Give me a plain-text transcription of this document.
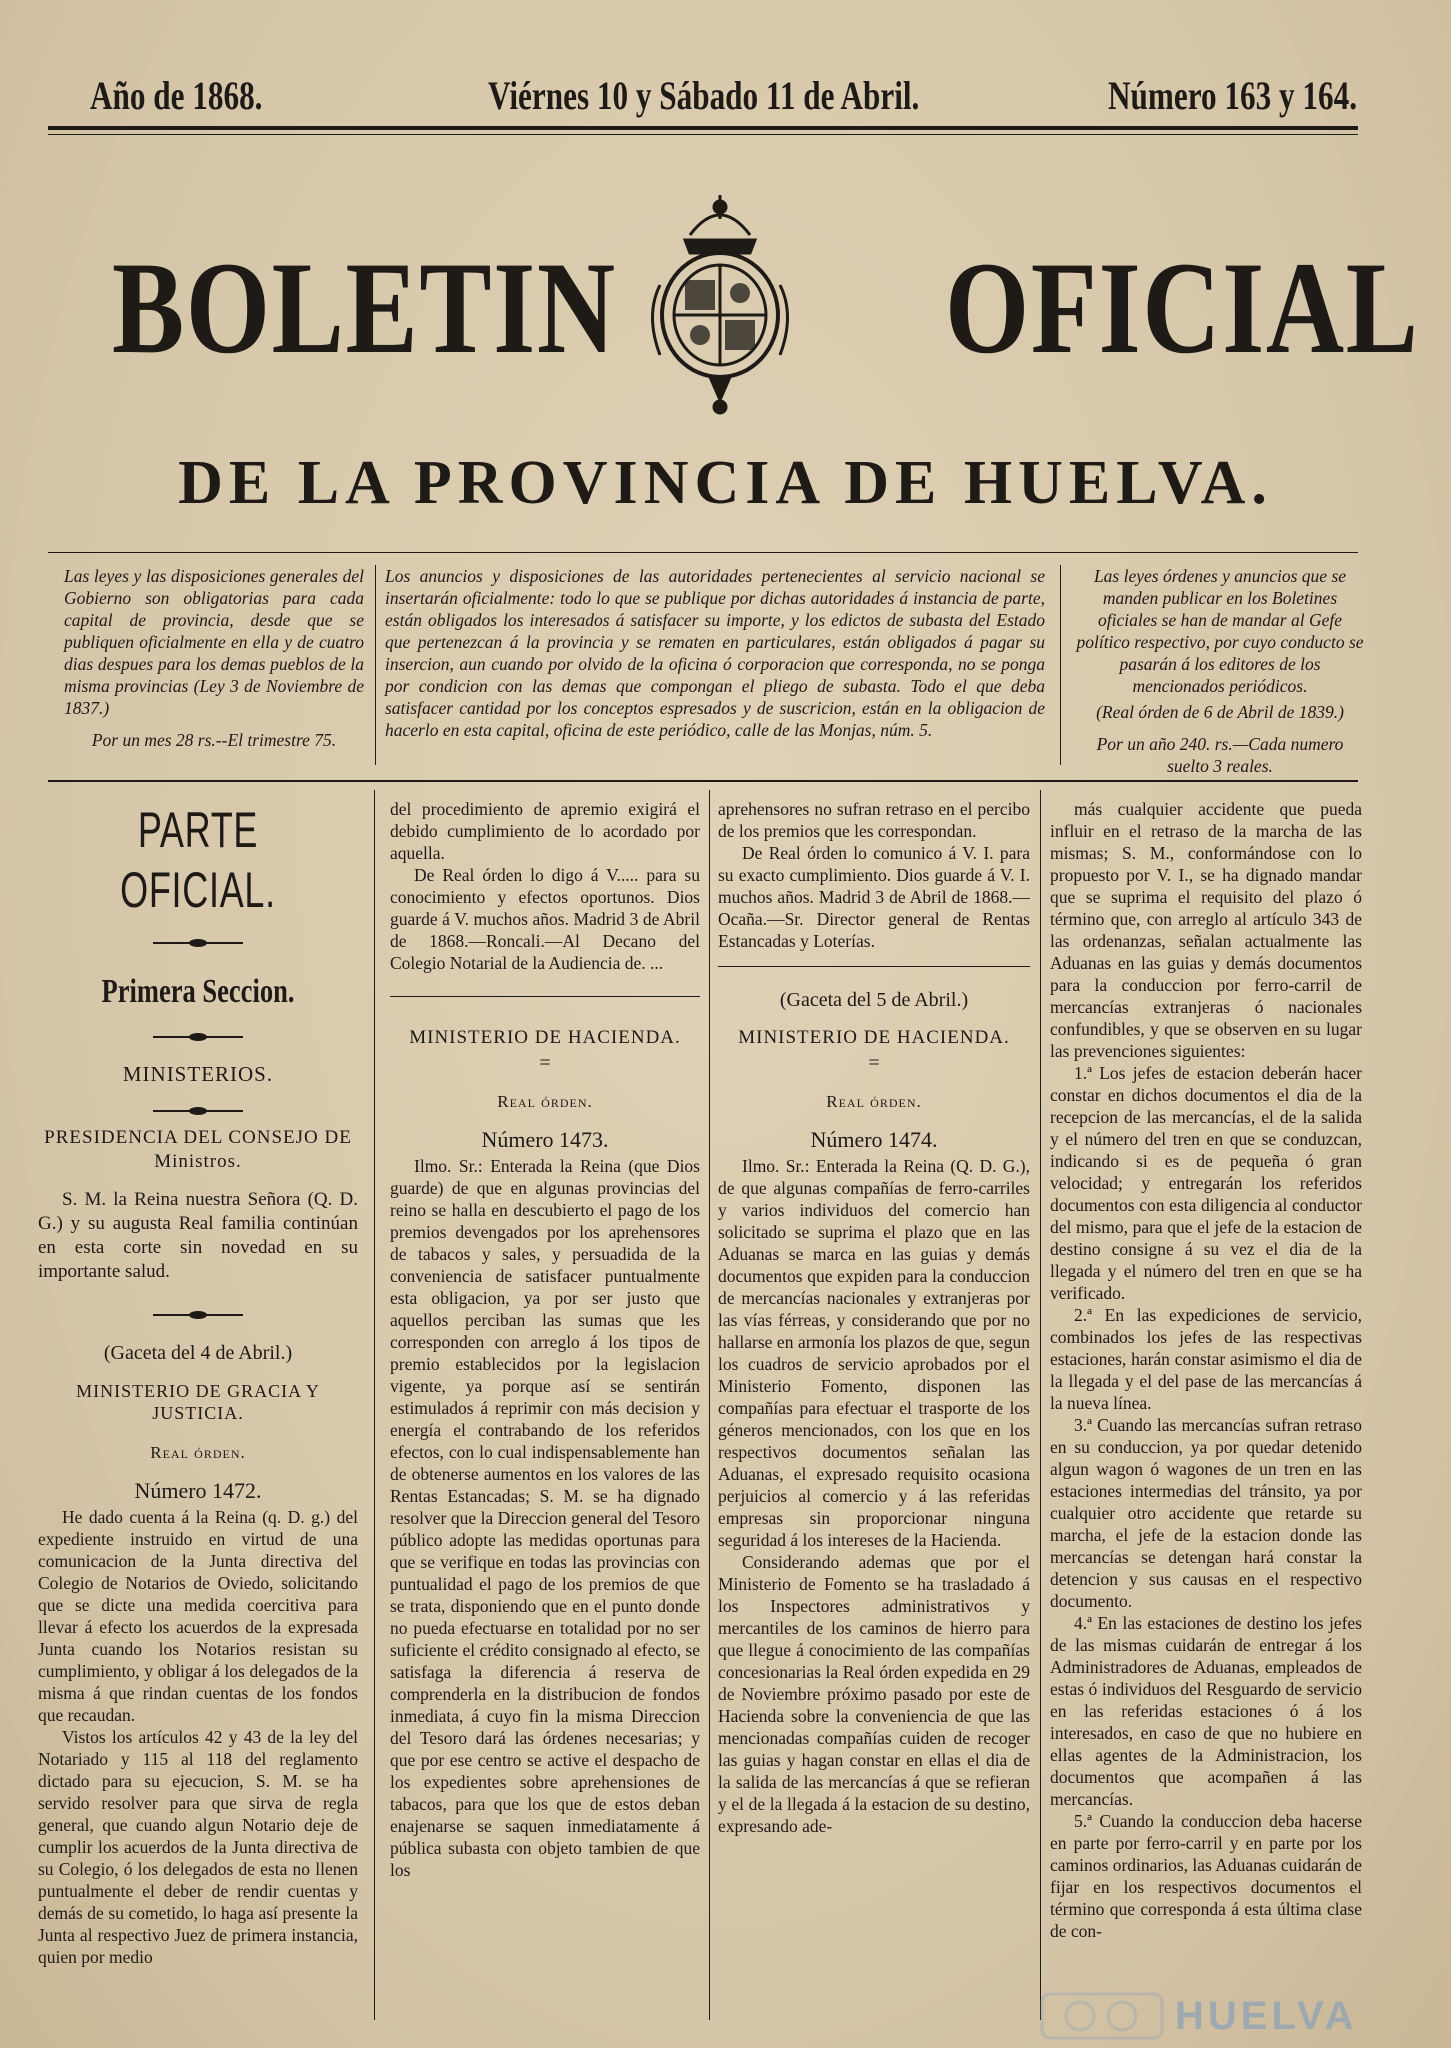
Año de 1868.	Viérnes 10 y Sábado 11 de Abril.	Número 163 y 164.
BOLETIN OFICIAL
DE LA PROVINCIA DE HUELVA.

Las leyes y las disposiciones generales del Gobierno son obligatorias para cada capital de provincia, desde que se publiquen oficialmente en ella y de cuatro dias despues para los demas pueblos de la misma provincias (Ley 3 de Noviembre de 1837.)

Por un mes 28 rs.--El trimestre 75.

Los anuncios y disposiciones de las autoridades pertenecientes al servicio nacional se insertarán oficialmente: todo lo que se publique por dichas autoridades á instancia de parte, están obligados los interesados á satisfacer su importe, y los edictos de subasta del Estado que pertenezcan á la provincia y se rematen en particulares, están obligados á pagar su insercion, aun cuando por olvido de la oficina ó corporacion que corresponda, no se ponga por condicion con las demas que compongan el pliego de subasta. Todo el que deba satisfacer cantidad por los conceptos espresados y de suscricion, están en la obligacion de hacerlo en esta capital, oficina de este periódico, calle de las Monjas, núm. 5.

Las leyes órdenes y anuncios que se manden publicar en los Boletines oficiales se han de mandar al Gefe político respectivo, por cuyo conducto se pasarán á los editores de los mencionados periódicos.

(Real órden de 6 de Abril de 1839.)

Por un año 240. rs.—Cada numero suelto 3 reales.

PARTE OFICIAL.
Primera Seccion.
MINISTERIOS.
PRESIDENCIA DEL CONSEJO DE Ministros.

S. M. la Reina nuestra Señora (Q. D. G.) y su augusta Real familia continúan en esta corte sin novedad en su importante salud.

(Gaceta del 4 de Abril.)
MINISTERIO DE GRACIA Y JUSTICIA.
Real órden.
Número 1472.

He dado cuenta á la Reina (q. D. g.) del expediente instruido en virtud de una comunicacion de la Junta directiva del Colegio de Notarios de Oviedo, solicitando que se dicte una medida coercitiva para llevar á efecto los acuerdos de la expresada Junta cuando los Notarios resistan su cumplimiento, y obligar á los delegados de la misma á que rindan cuentas de los fondos que recaudan.

Vistos los artículos 42 y 43 de la ley del Notariado y 115 al 118 del reglamento dictado para su ejecucion, S. M. se ha servido resolver para que sirva de regla general, que cuando algun Notario deje de cumplir los acuerdos de la Junta directiva de su Colegio, ó los delegados de esta no llenen puntualmente el deber de rendir cuentas y demás de su cometido, lo haga así presente la Junta al respectivo Juez de primera instancia, quien por medio

del procedimiento de apremio exigirá el debido cumplimiento de lo acordado por aquella.

De Real órden lo digo á V..... para su conocimiento y efectos oportunos. Dios guarde á V. muchos años. Madrid 3 de Abril de 1868.—Roncali.—Al Decano del Colegio Notarial de la Audiencia de. ...

MINISTERIO DE HACIENDA.
=
Real órden.
Número 1473.

Ilmo. Sr.: Enterada la Reina (que Dios guarde) de que en algunas provincias del reino se halla en descubierto el pago de los premios devengados por los aprehensores de tabacos y sales, y persuadida de la conveniencia de satisfacer puntualmente esta obligacion, ya por ser justo que aquellos perciban las sumas que les corresponden con arreglo á los tipos de premio establecidos por la legislacion vigente, ya porque así se sentirán estimulados á reprimir con más decision y energía el contrabando de los referidos efectos, con lo cual indispensablemente han de obtenerse aumentos en los valores de las Rentas Estancadas; S. M. se ha dignado resolver que la Direccion general del Tesoro público adopte las medidas oportunas para que se verifique en todas las provincias con puntualidad el pago de los premios de que se trata, disponiendo que en el punto donde no pueda efectuarse en totalidad por no ser suficiente el crédito consignado al efecto, se satisfaga la diferencia á reserva de comprenderla en la distribucion de fondos inmediata, á cuyo fin la misma Direccion del Tesoro dará las órdenes necesarias; y que por ese centro se active el despacho de los expedientes sobre aprehensiones de tabacos, para que los que de estos deban enajenarse se saquen inmediatamente á pública subasta con objeto tambien de que los

aprehensores no sufran retraso en el percibo de los premios que les correspondan.

De Real órden lo comunico á V. I. para su exacto cumplimiento. Dios guarde á V. I. muchos años. Madrid 3 de Abril de 1868.—Ocaña.—Sr. Director general de Rentas Estancadas y Loterías.

(Gaceta del 5 de Abril.)
MINISTERIO DE HACIENDA.
=
Real órden.
Número 1474.

Ilmo. Sr.: Enterada la Reina (Q. D. G.), de que algunas compañías de ferro-carriles y varios individuos del comercio han solicitado se suprima el plazo que en las Aduanas se marca en las guias y demás documentos que expiden para la conduccion de mercancías nacionales y extranjeras por las vías férreas, y considerando que por no hallarse en armonía los plazos de que, segun los cuadros de servicio aprobados por el Ministerio Fomento, disponen las compañías para efectuar el trasporte de los géneros mencionados, con los que en los respectivos documentos señalan las Aduanas, el expresado requisito ocasiona perjuicios al comercio y á las referidas empresas sin proporcionar ninguna seguridad á los intereses de la Hacienda.

Considerando ademas que por el Ministerio de Fomento se ha trasladado á los Inspectores administrativos y mercantiles de los caminos de hierro para que llegue á conocimiento de las compañías concesionarias la Real órden expedida en 29 de Noviembre próximo pasado por este de Hacienda sobre la conveniencia de que las mencionadas compañías cuiden de recoger las guias y hagan constar en ellas el dia de la salida de las mercancías á que se refieran y el de la llegada á la estacion de su destino, expresando ade-

más cualquier accidente que pueda influir en el retraso de la marcha de las mismas; S. M., conformándose con lo propuesto por V. I., se ha dignado mandar que se suprima el requisito del plazo ó término que, con arreglo al artículo 343 de las ordenanzas, señalan actualmente las Aduanas en las guias y demás documentos para la conduccion por ferro-carril de mercancías extranjeras ó nacionales confundibles, y que se observen en su lugar las prevenciones siguientes:

1.ª Los jefes de estacion deberán hacer constar en dichos documentos el dia de la recepcion de las mercancías, el de la salida y el número del tren en que se conduzcan, indicando si es de pequeña ó gran velocidad; y entregarán los referidos documentos con esta diligencia al conductor del mismo, para que el jefe de la estacion de destino consigne á su vez el dia de la llegada y el número del tren en que se ha verificado.

2.ª En las expediciones de servicio, combinados los jefes de las respectivas estaciones, harán constar asimismo el dia de la llegada y el del pase de las mercancías á la nueva línea.

3.ª Cuando las mercancías sufran retraso en su conduccion, ya por quedar detenido algun wagon ó wagones de un tren en las estaciones intermedias del tránsito, ya por cualquier otro accidente que retarde su marcha, el jefe de la estacion donde las mercancías se detengan hará constar la detencion y sus causas en el respectivo documento.

4.ª En las estaciones de destino los jefes de las mismas cuidarán de entregar á los Administradores de Aduanas, empleados de estas ó individuos del Resguardo de servicio en las referidas estaciones ó á los interesados, en caso de que no hubiere en ellas agentes de la Administracion, los documentos que acompañen á las mercancías.

5.ª Cuando la conduccion deba hacerse en parte por ferro-carril y en parte por los caminos ordinarios, las Aduanas cuidarán de fijar en los respectivos documentos el término que corresponda á esta última clase de con-

HUELVA
